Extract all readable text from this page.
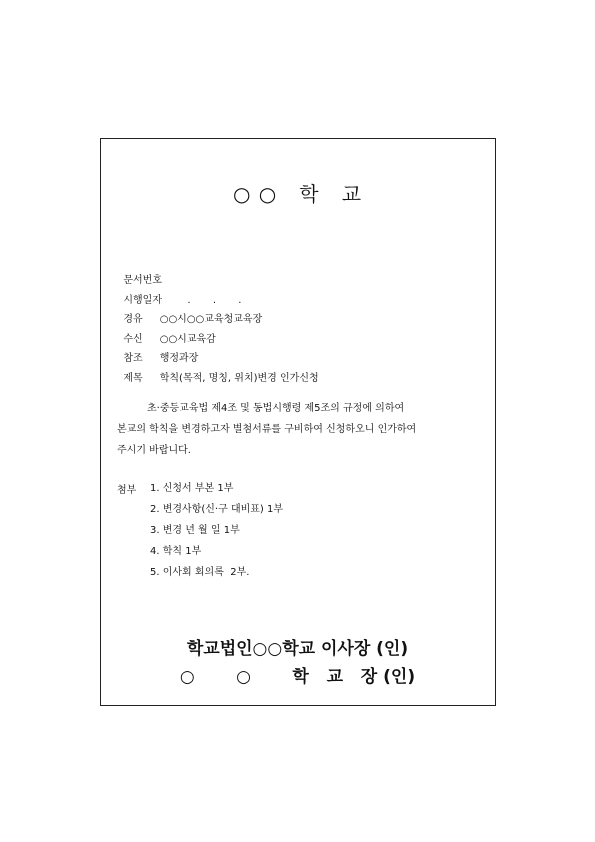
○ ○   학   교

문서번호

시행일자        .       .       .

경유  ○○시○○교육청교육장

수신  ○○시교육감

참조  행정과장

제목  학칙(목적, 명칭, 위치)변경 인가신청

초·중등교육법 제4조 및 동법시행령 제5조의 규정에 의하여
본교의 학칙을 변경하고자 별첨서류를 구비하여 신청하오니 인가하여
주시기 바랍니다.
첨부 1. 신청서 부본 1부
2. 변경사항(신·구 대비표) 1부
3. 변경 년 월 일 1부
4. 학칙 1부
5. 이사회 회의록  2부.
학교법인○○학교 이사장 (인)
○       ○       학   교   장 (인)
